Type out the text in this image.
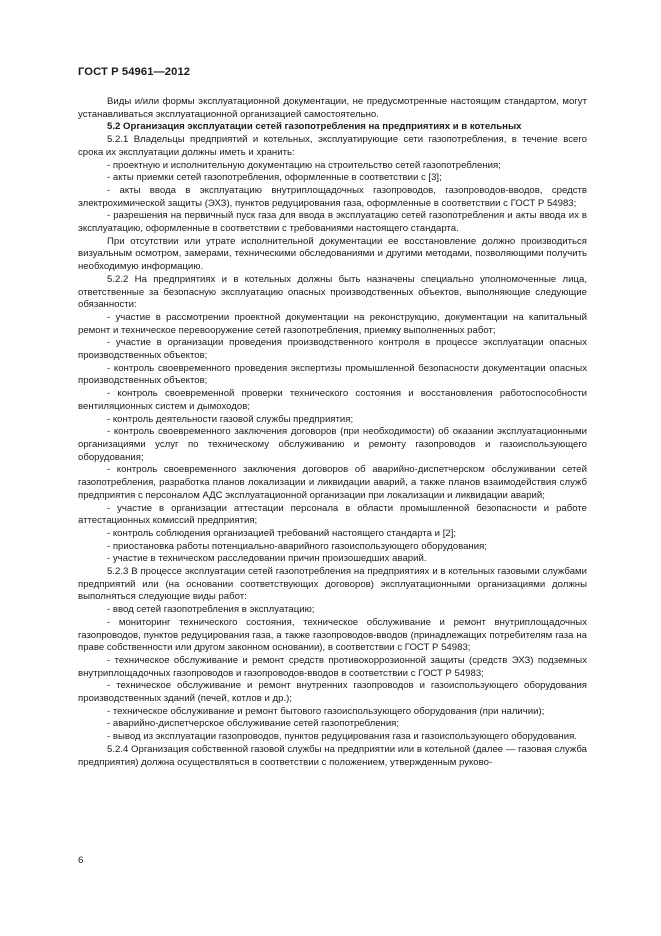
ГОСТ Р 54961—2012

Виды и/или формы эксплуатационной документации, не предусмотренные настоящим стандартом, могут устанавливаться эксплуатационной организацией самостоятельно.

5.2 Организация эксплуатации сетей газопотребления на предприятиях и в котельных

5.2.1 Владельцы предприятий и котельных, эксплуатирующие сети газопотребления, в течение всего срока их эксплуатации должны иметь и хранить:

- проектную и исполнительную документацию на строительство сетей газопотребления;

- акты приемки сетей газопотребления, оформленные в соответствии с [3];

- акты ввода в эксплуатацию внутриплощадочных газопроводов, газопроводов-вводов, средств электрохимической защиты (ЭХЗ), пунктов редуцирования газа, оформленные в соответствии с ГОСТ Р 54983;

- разрешения на первичный пуск газа для ввода в эксплуатацию сетей газопотребления и акты ввода их в эксплуатацию, оформленные в соответствии с требованиями настоящего стандарта.

При отсутствии или утрате исполнительной документации ее восстановление должно производиться визуальным осмотром, замерами, техническими обследованиями и другими методами, позволяющими получить необходимую информацию.

5.2.2 На предприятиях и в котельных должны быть назначены специально уполномоченные лица, ответственные за безопасную эксплуатацию опасных производственных объектов, выполняющие следующие обязанности:

- участие в рассмотрении проектной документации на реконструкцию, документации на капитальный ремонт и техническое перевооружение сетей газопотребления, приемку выполненных работ;

- участие в организации проведения производственного контроля в процессе эксплуатации опасных производственных объектов;

- контроль своевременного проведения экспертизы промышленной безопасности документации опасных производственных объектов;

- контроль своевременной проверки технического состояния и восстановления работоспособности вентиляционных систем и дымоходов;

- контроль деятельности газовой службы предприятия;

- контроль своевременного заключения договоров (при необходимости) об оказании эксплуатационными организациями услуг по техническому обслуживанию и ремонту газопроводов и газоиспользующего оборудования;

- контроль своевременного заключения договоров об аварийно-диспетчерском обслуживании сетей газопотребления, разработка планов локализации и ликвидации аварий, а также планов взаимодействия служб предприятия с персоналом АДС эксплуатационной организации при локализации и ликвидации аварий;

- участие в организации аттестации персонала в области промышленной безопасности и работе аттестационных комиссий предприятия;

- контроль соблюдения организацией требований настоящего стандарта и [2];

- приостановка работы потенциально-аварийного газоиспользующего оборудования;

- участие в техническом расследовании причин произошедших аварий.

5.2.3 В процессе эксплуатации сетей газопотребления на предприятиях и в котельных газовыми службами предприятий или (на основании соответствующих договоров) эксплуатационными организациями должны выполняться следующие виды работ:

- ввод сетей газопотребления в эксплуатацию;

- мониторинг технического состояния, техническое обслуживание и ремонт внутриплощадочных газопроводов, пунктов редуцирования газа, а также газопроводов-вводов (принадлежащих потребителям газа на праве собственности или другом законном основании), в соответствии с ГОСТ Р 54983;

- техническое обслуживание и ремонт средств противокоррозионной защиты (средств ЭХЗ) подземных внутриплощадочных газопроводов и газопроводов-вводов в соответствии с ГОСТ Р 54983;

- техническое обслуживание и ремонт внутренних газопроводов и газоиспользующего оборудования производственных зданий (печей, котлов и др.);

- техническое обслуживание и ремонт бытового газоиспользующего оборудования (при наличии);

- аварийно-диспетчерское обслуживание сетей газопотребления;

- вывод из эксплуатации газопроводов, пунктов редуцирования газа и газоиспользующего оборудования.

5.2.4 Организация собственной газовой службы на предприятии или в котельной (далее — газовая служба предприятия) должна осуществляться в соответствии с положением, утвержденным руково-

6
